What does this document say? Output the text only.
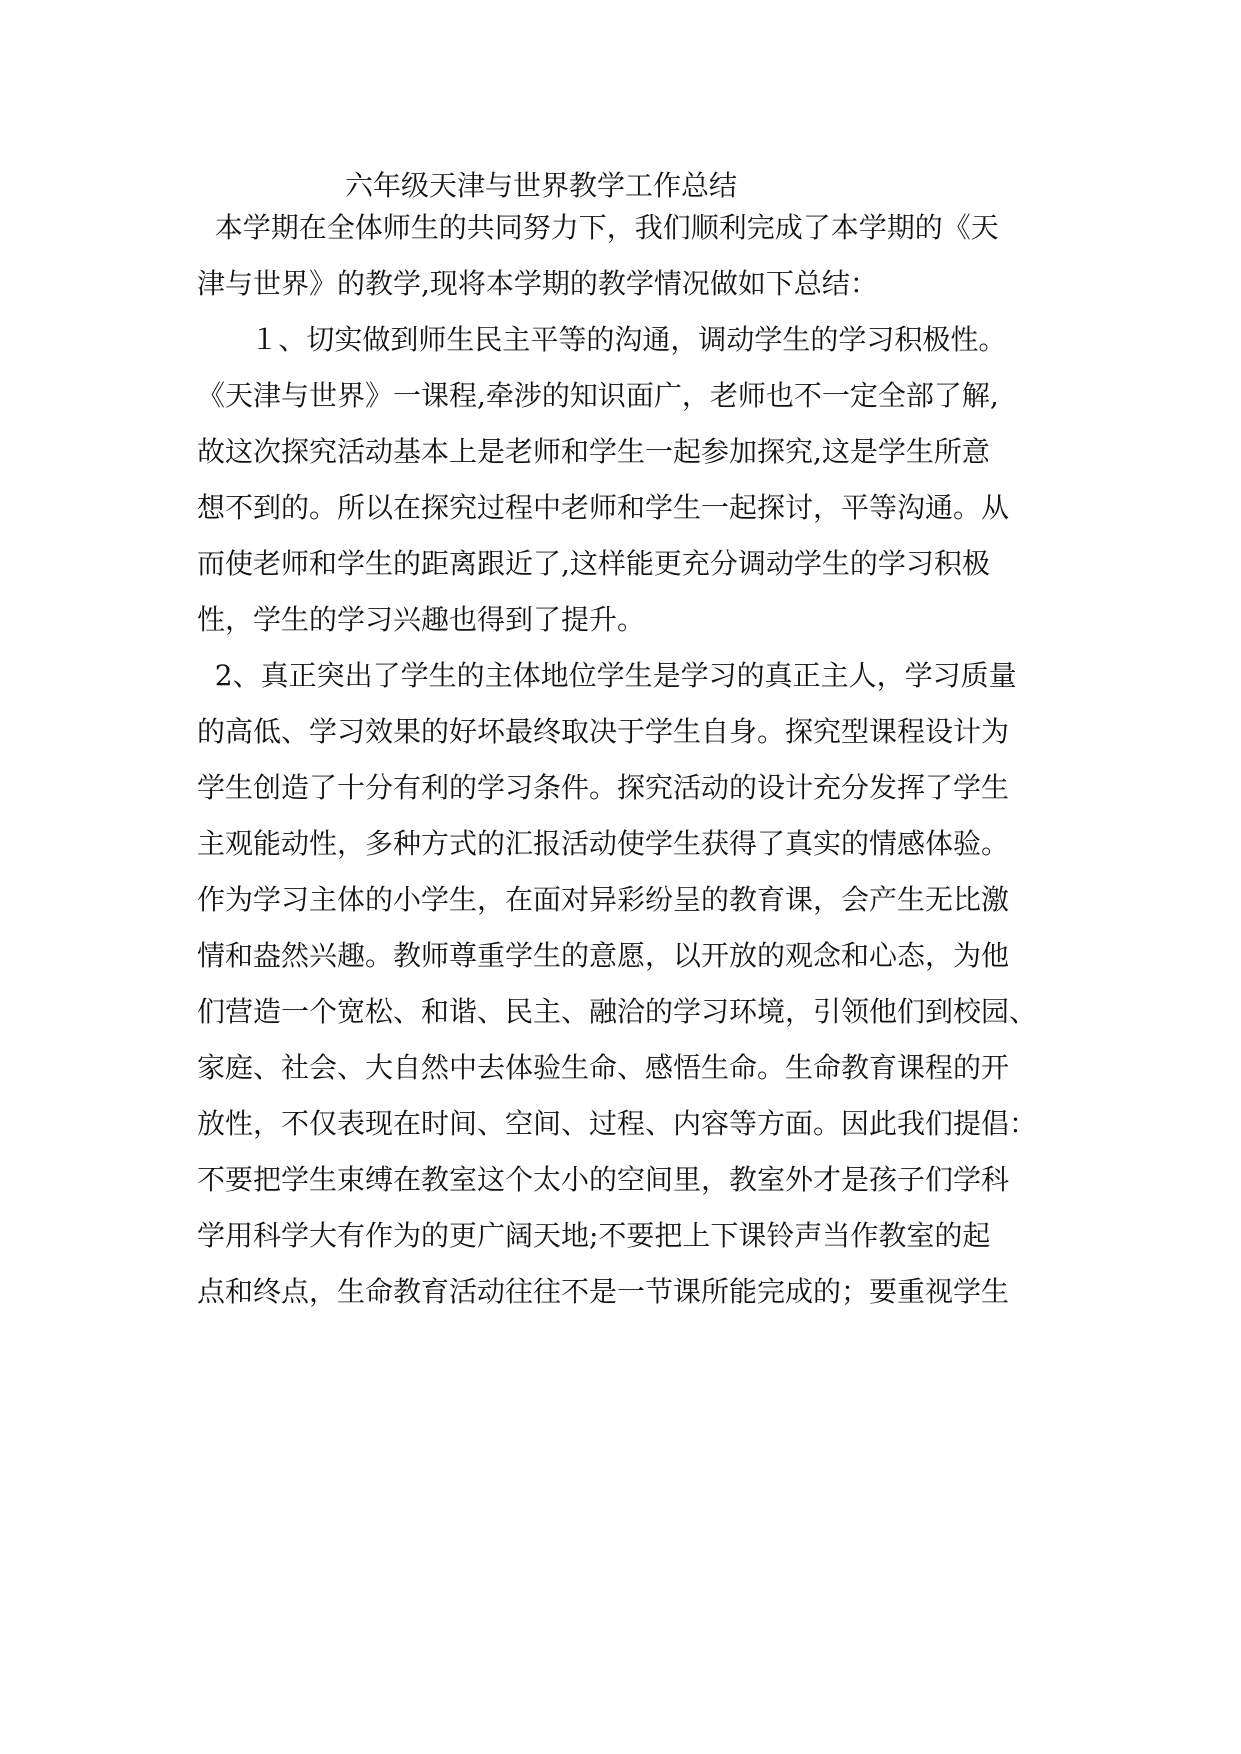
六年级天津与世界教学工作总结
本学期在全体师生的共同努力下，我们顺利完成了本学期的《天
津与世界》的教学,现将本学期的教学情况做如下总结：
１、切实做到师生民主平等的沟通，调动学生的学习积极性。
《天津与世界》一课程,牵涉的知识面广，老师也不一定全部了解,
故这次探究活动基本上是老师和学生一起参加探究,这是学生所意
想不到的。所以在探究过程中老师和学生一起探讨，平等沟通。从
而使老师和学生的距离跟近了,这样能更充分调动学生的学习积极
性，学生的学习兴趣也得到了提升。
2、真正突出了学生的主体地位学生是学习的真正主人，学习质量
的高低、学习效果的好坏最终取决于学生自身。探究型课程设计为
学生创造了十分有利的学习条件。探究活动的设计充分发挥了学生
主观能动性，多种方式的汇报活动使学生获得了真实的情感体验。
作为学习主体的小学生，在面对异彩纷呈的教育课，会产生无比激
情和盎然兴趣。教师尊重学生的意愿，以开放的观念和心态，为他
们营造一个宽松、和谐、民主、融洽的学习环境，引领他们到校园、
家庭、社会、大自然中去体验生命、感悟生命。生命教育课程的开
放性，不仅表现在时间、空间、过程、内容等方面。因此我们提倡：
不要把学生束缚在教室这个太小的空间里，教室外才是孩子们学科
学用科学大有作为的更广阔天地;不要把上下课铃声当作教室的起
点和终点，生命教育活动往往不是一节课所能完成的；要重视学生
